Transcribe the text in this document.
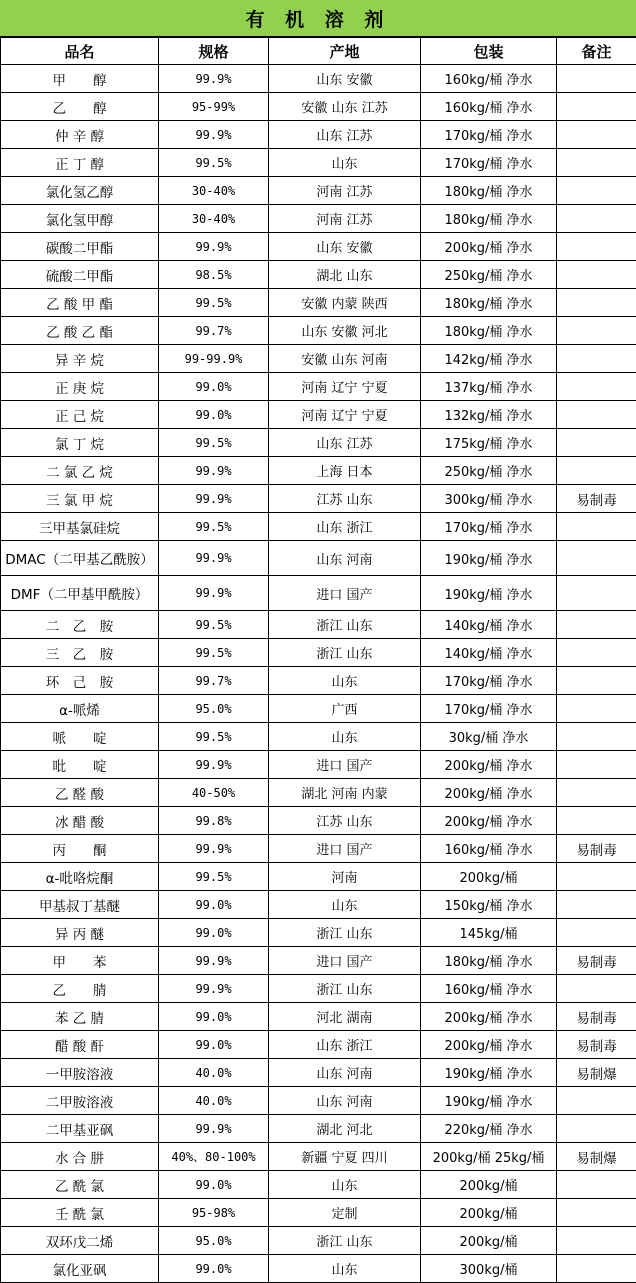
有 机 溶 剂
品名	规格	产地	包装	备注
甲　　醇	99.9%	山东 安徽	160kg/桶 净水	
乙　　醇	95-99%	安徽 山东 江苏	160kg/桶 净水	
仲 辛 醇	99.9%	山东 江苏	170kg/桶 净水	
正 丁 醇	99.5%	山东	170kg/桶 净水	
氯化氢乙醇	30-40%	河南 江苏	180kg/桶 净水	
氯化氢甲醇	30-40%	河南 江苏	180kg/桶 净水	
碳酸二甲酯	99.9%	山东 安徽	200kg/桶 净水	
硫酸二甲酯	98.5%	湖北 山东	250kg/桶 净水	
乙 酸 甲 酯	99.5%	安徽 内蒙 陕西	180kg/桶 净水	
乙 酸 乙 酯	99.7%	山东 安徽 河北	180kg/桶 净水	
异 辛 烷	99-99.9%	安徽 山东 河南	142kg/桶 净水	
正 庚 烷	99.0%	河南 辽宁 宁夏	137kg/桶 净水	
正 己 烷	99.0%	河南 辽宁 宁夏	132kg/桶 净水	
氯 丁 烷	99.5%	山东 江苏	175kg/桶 净水	
二 氯 乙 烷	99.9%	上海 日本	250kg/桶 净水	
三 氯 甲 烷	99.9%	江苏 山东	300kg/桶 净水	易制毒
三甲基氯硅烷	99.5%	山东 浙江	170kg/桶 净水	
DMAC（二甲基乙酰胺）	99.9%	山东 河南	190kg/桶 净水	
DMF（二甲基甲酰胺）	99.9%	进口 国产	190kg/桶 净水	
二　乙　胺	99.5%	浙江 山东	140kg/桶 净水	
三　乙　胺	99.5%	浙江 山东	140kg/桶 净水	
环　己　胺	99.7%	山东	170kg/桶 净水	
α-哌烯	95.0%	广西	170kg/桶 净水	
哌　　啶	99.5%	山东	30kg/桶 净水	
吡　　啶	99.9%	进口 国产	200kg/桶 净水	
乙 醛 酸	40-50%	湖北 河南 内蒙	200kg/桶 净水	
冰 醋 酸	99.8%	江苏 山东	200kg/桶 净水	
丙　　酮	99.9%	进口 国产	160kg/桶 净水	易制毒
α-吡咯烷酮	99.5%	河南	200kg/桶	
甲基叔丁基醚	99.0%	山东	150kg/桶 净水	
异 丙 醚	99.0%	浙江 山东	145kg/桶	
甲　　苯	99.9%	进口 国产	180kg/桶 净水	易制毒
乙　　腈	99.9%	浙江 山东	160kg/桶 净水	
苯 乙 腈	99.0%	河北 湖南	200kg/桶 净水	易制毒
醋 酸 酐	99.0%	山东 浙江	200kg/桶 净水	易制毒
一甲胺溶液	40.0%	山东 河南	190kg/桶 净水	易制爆
二甲胺溶液	40.0%	山东 河南	190kg/桶 净水	
二甲基亚砜	99.9%	湖北 河北	220kg/桶 净水	
水 合 肼	40%、80-100%	新疆 宁夏 四川	200kg/桶 25kg/桶	易制爆
乙 酰 氯	99.0%	山东	200kg/桶	
壬 酰 氯	95-98%	定制	200kg/桶	
双环戊二烯	95.0%	浙江 山东	200kg/桶	
氯化亚砜	99.0%	山东	300kg/桶	
